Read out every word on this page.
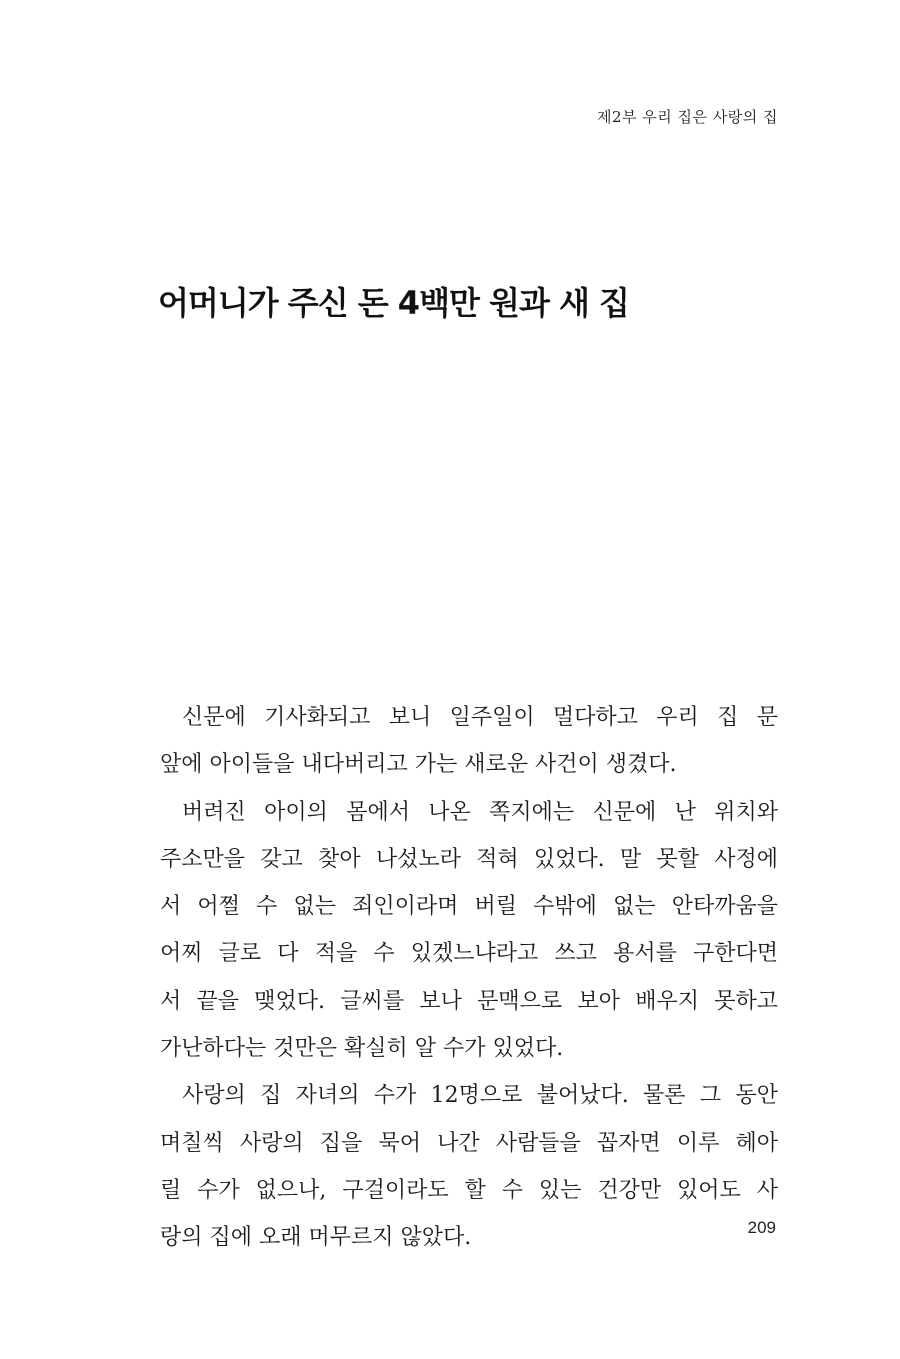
제2부 우리 집은 사랑의 집
어머니가 주신 돈 4백만 원과 새 집

신문에 기사화되고 보니 일주일이 멀다하고 우리 집 문
앞에 아이들을 내다버리고 가는 새로운 사건이 생겼다.

버려진 아이의 몸에서 나온 쪽지에는 신문에 난 위치와
주소만을 갖고 찾아 나섰노라 적혀 있었다. 말 못할 사정에
서 어쩔 수 없는 죄인이라며 버릴 수밖에 없는 안타까움을
어찌 글로 다 적을 수 있겠느냐라고 쓰고 용서를 구한다면
서 끝을 맺었다. 글씨를 보나 문맥으로 보아 배우지 못하고
가난하다는 것만은 확실히 알 수가 있었다.

사랑의 집 자녀의 수가 12명으로 불어났다. 물론 그 동안
며칠씩 사랑의 집을 묵어 나간 사람들을 꼽자면 이루 헤아
릴 수가 없으나, 구걸이라도 할 수 있는 건강만 있어도 사
랑의 집에 오래 머무르지 않았다.	209
